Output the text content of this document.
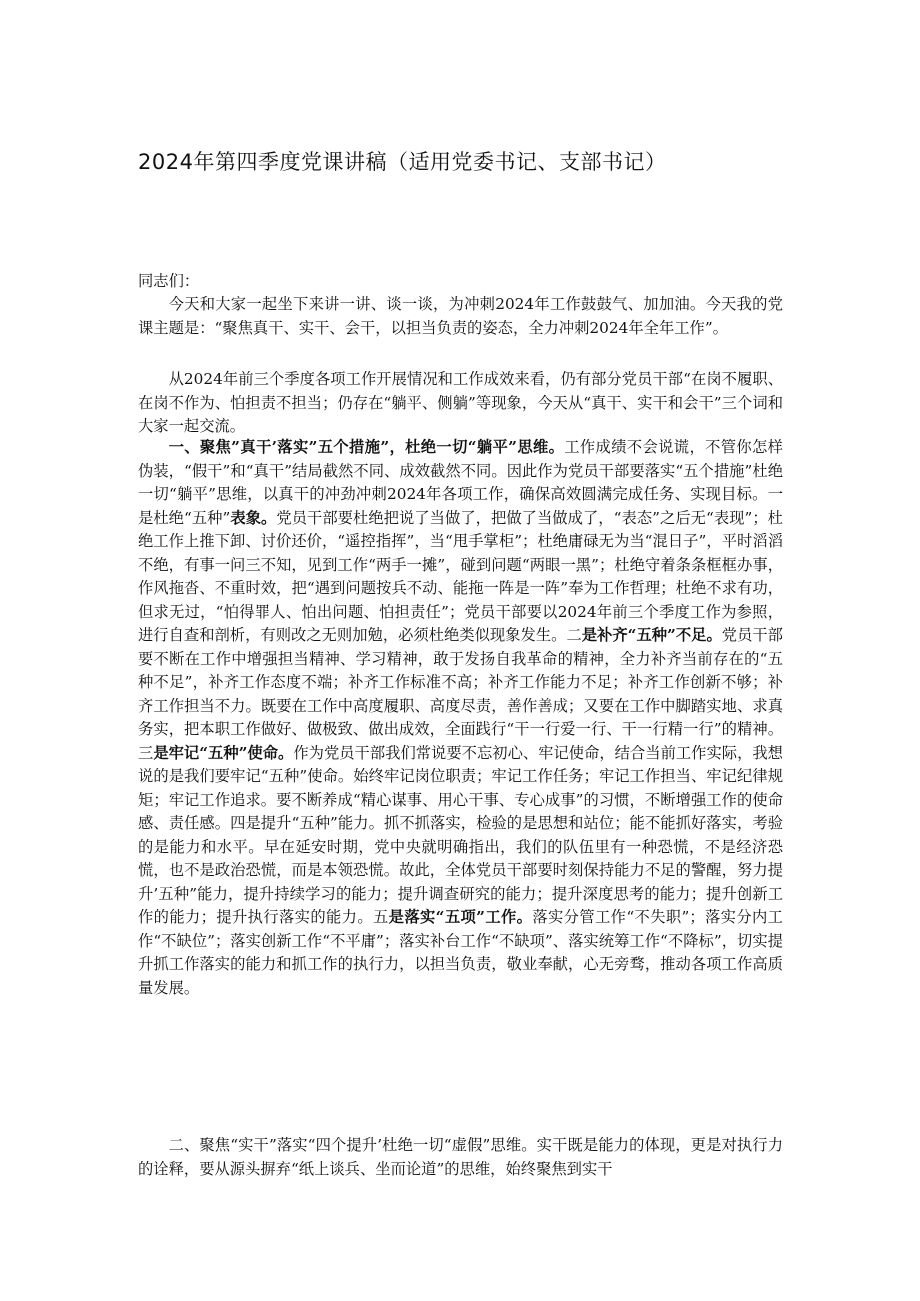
2024年第四季度党课讲稿（适用党委书记、支部书记）

同志们：

今天和大家一起坐下来讲一讲、谈一谈，为冲刺2024年工作鼓鼓气、加加油。今天我的党课主题是：“聚焦真干、实干、会干，以担当负责的姿态，全力冲刺2024年全年工作”。

从2024年前三个季度各项工作开展情况和工作成效来看，仍有部分党员干部“在岗不履职、在岗不作为、怕担责不担当；仍存在“躺平、侧躺”等现象，今天从“真干、实干和会干”三个词和大家一起交流。

一、聚焦”真干’落实”五个措施”，杜绝一切“躺平”思维。工作成绩不会说谎，不管你怎样伪装，“假干”和“真干”结局截然不同、成效截然不同。因此作为党员干部要落实“五个措施”杜绝一切“躺平”思维，以真干的冲劲冲刺2024年各项工作，确保高效圆满完成任务、实现目标。一是杜绝“五种”表象。党员干部要杜绝把说了当做了，把做了当做成了，“表态”之后无“表现”；杜绝工作上推下卸、讨价还价，“遥控指挥”，当“甩手掌柜”；杜绝庸碌无为当“混日子”，平时滔滔不绝，有事一问三不知，见到工作“两手一摊”，碰到问题“两眼一黑”；杜绝守着条条框框办事，作风拖沓、不重时效，把“遇到问题按兵不动、能拖一阵是一阵”奉为工作哲理；杜绝不求有功，但求无过，“怕得罪人、怕出问题、怕担责任”；党员干部要以2024年前三个季度工作为参照，进行自查和剖析，有则改之无则加勉，必须杜绝类似现象发生。二是补齐“五种”不足。党员干部要不断在工作中增强担当精神、学习精神，敢于发扬自我革命的精神，全力补齐当前存在的“五种不足”，补齐工作态度不端；补齐工作标准不高；补齐工作能力不足；补齐工作创新不够；补齐工作担当不力。既要在工作中高度履职、高度尽责，善作善成；又要在工作中脚踏实地、求真务实，把本职工作做好、做极致、做出成效，全面践行“干一行爱一行、干一行精一行”的精神。三是牢记“五种”使命。作为党员干部我们常说要不忘初心、牢记使命，结合当前工作实际，我想说的是我们要牢记“五种”使命。始终牢记岗位职责；牢记工作任务；牢记工作担当、牢记纪律规矩；牢记工作追求。要不断养成“精心谋事、用心干事、专心成事”的习惯，不断增强工作的使命感、责任感。四是提升“五种”能力。抓不抓落实，检验的是思想和站位；能不能抓好落实，考验的是能力和水平。早在延安时期，党中央就明确指出，我们的队伍里有一种恐慌，不是经济恐慌，也不是政治恐慌，而是本领恐慌。故此，全体党员干部要时刻保持能力不足的警醒，努力提升’五种”能力，提升持续学习的能力；提升调查研究的能力；提升深度思考的能力；提升创新工作的能力；提升执行落实的能力。五是落实“五项”工作。落实分管工作“不失职”；落实分内工作“不缺位”；落实创新工作“不平庸”；落实补台工作“不缺项”、落实统筹工作“不降标”，切实提升抓工作落实的能力和抓工作的执行力，以担当负责，敬业奉献，心无旁骛，推动各项工作高质量发展。

二、聚焦“实干”落实“四个提升’杜绝一切“虚假”思维。实干既是能力的体现，更是对执行力的诠释，要从源头摒弃“纸上谈兵、坐而论道”的思维，始终聚焦到实干
